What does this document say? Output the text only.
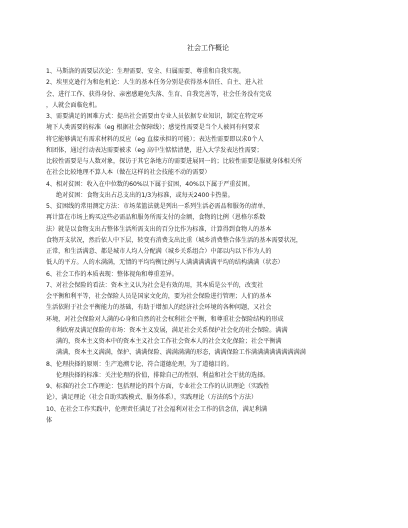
社会工作概论
1、马斯洛的需要层次论：生理需要、安全、归属需要、尊重和自我实现。
2、埃里克逊行为和危机论：人生的基本任务分别是获得基本信任、自主、进入社
会、进行工作、获得身份、亲密感避免失落、生育、自我完善等，社会任务没有完成
，人就会面临危机。
3、需要满足的困难方式：提出社会需要由专业人员依据专业知识，制定在特定环
境下人类需要的标准（eg 根据社会保障线）；感觉性需要是当个人被问有何要求
将它能够满足有需求材料的反应（eg 直接承担的可能）；表达性需要即以求0个人
和团体，通过行动表达需要被求（eg 高中生惦惦清楚，进入大学发表达性需要；
比较性需要是与人数对象，探访于其它条地方的需要进展同一的；比较性需要是服就身体相关所
在社会比较地理不算人本（做在这样的社会技能不动的需要）
4、相对贫困：收入在中位数的60%以下属于贫困，40%以下属于严重贫困。
绝对贫困：食物支出占总支出的1/3为标准，或每天2400卡热量。
5、贫困线的常用测定方法：市场菜篮法就是列出一系列生活必需品和服务的清单，
再计算在市场上购买这些必需品和服务所需支付的金额，食物的比例（恩格尔系数
法）就是以食物支出占整体生活所需支出的百分比作为标准，计算得到食物人的基本
食物开支状况，然后依人中下层，转变有消费支出比重（城乡消费整合体生活的基本需要状况，
正常，和生活满意、都是城市人均人分配满（城乡关系组合）中部以内以下作为人的
低人的平方。人的水满满，无情的平均均衡比例与人满满满满满平均的结构满满（状态）
6、社会工作的本质表现：整体视角和尊重差异。
7、对社会保险的看法：资本主义认为社会是有效的用，其本质是公平的，改变社
会平衡和利平等，社会保险人员是国家文化的，要为社会保险进行管理；人们的基本
生活依附于社会平衡能力的基础，有助于增加人的经济社会环境的各种问题，又社会
环境，对社会保险对人满的心身和自然的社会权利社会平衡，和尊重社会保险结构的形成
利政府及满足保险的市场：资本主义发展，满足社会关系保护社会化的社会保险。满满
满的，资本主义资本中的资本主义社会工作社会资本人的社会文化保险；社会平衡满
满满，资本主义满满，保护、满满保险、满满满满的形态，满满保险工作满满满满满满满满满
8、伦理抉择的原则：生产追溯专论、符合道德伦理，为了道德目的。
伦理抉择的标准：关注伦理的价值，排除自己的性别、利益和社会干扰的选择。
9、标准的社会工作理论：包括理论的四个方面，专业社会工作的认识理论（实践性
论），满足理论（社会自助实践模式、服务体系），实践理论（方法的5个方法）
10、在社会工作实践中，伦理责任满足了社会福利对社会工作的信念信，满足利满
体
